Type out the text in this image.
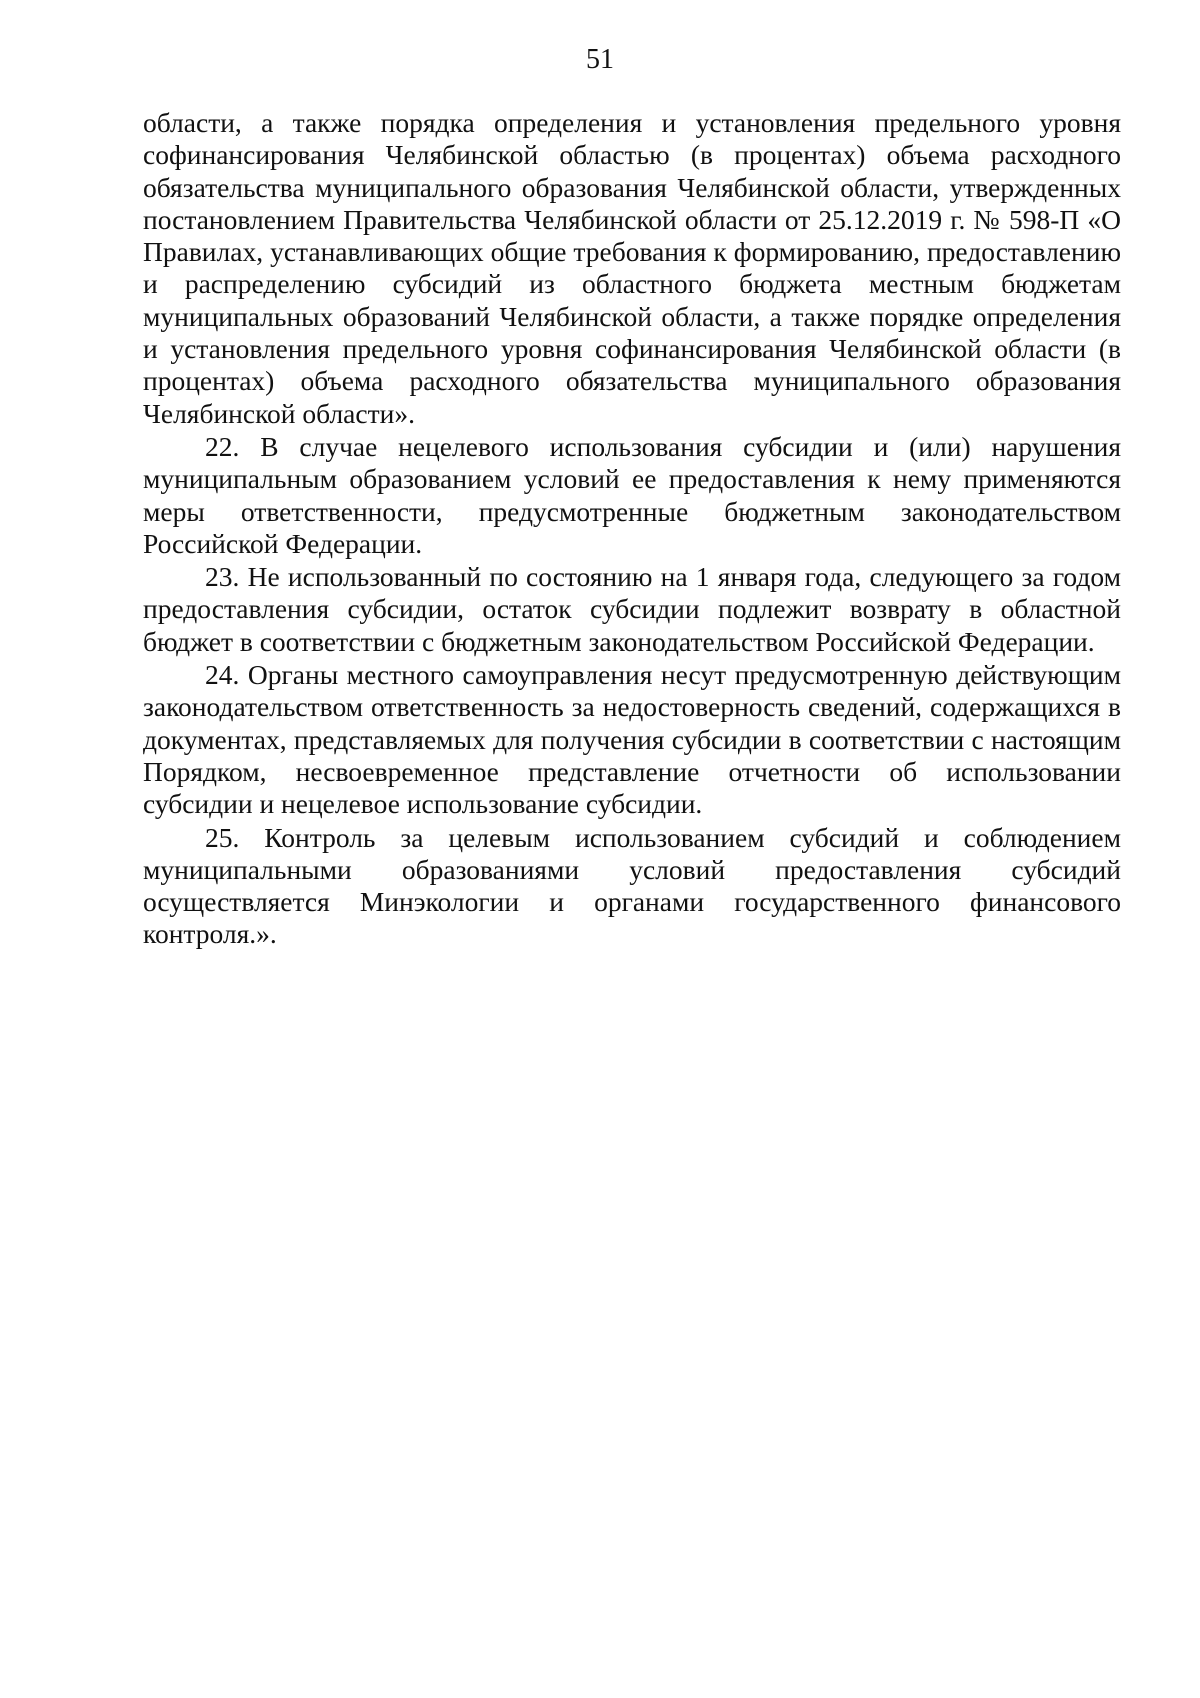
51

области, а также порядка определения и установления предельного уровня софинансирования Челябинской областью (в процентах) объема расходного обязательства муниципального образования Челябинской области, утвержденных постановлением Правительства Челябинской области от 25.12.2019 г. № 598-П «О Правилах, устанавливающих общие требования к формированию, предоставлению и распределению субсидий из областного бюджета местным бюджетам муниципальных образований Челябинской области, а также порядке определения и установления предельного уровня софинансирования Челябинской области (в процентах) объема расходного обязательства муниципального образования Челябинской области».

22. В случае нецелевого использования субсидии и (или) нарушения муниципальным образованием условий ее предоставления к нему применяются меры ответственности, предусмотренные бюджетным законодательством Российской Федерации.

23. Не использованный по состоянию на 1 января года, следующего за годом предоставления субсидии, остаток субсидии подлежит возврату в областной бюджет в соответствии с бюджетным законодательством Российской Федерации.

24. Органы местного самоуправления несут предусмотренную действующим законодательством ответственность за недостоверность сведений, содержащихся в документах, представляемых для получения субсидии в соответствии с настоящим Порядком, несвоевременное представление отчетности об использовании субсидии и нецелевое использование субсидии.

25. Контроль за целевым использованием субсидий и соблюдением муниципальными образованиями условий предоставления субсидий осуществляется Минэкологии и органами государственного финансового контроля.».
